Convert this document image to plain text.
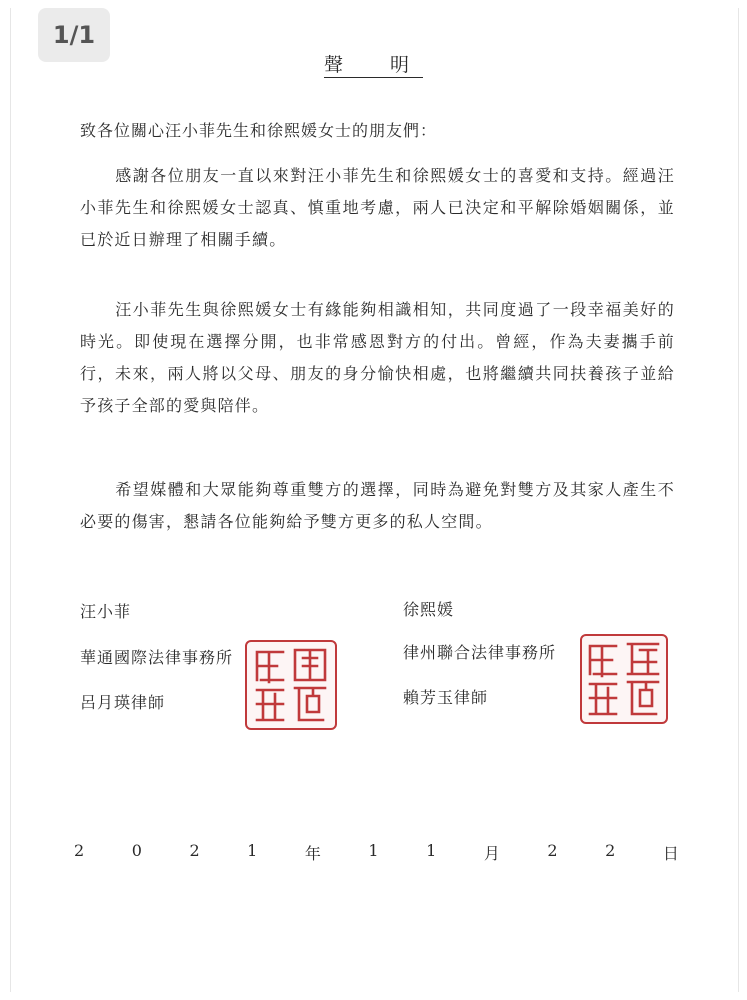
1/1
聲　明
致各位關心汪小菲先生和徐熙媛女士的朋友們：
感謝各位朋友一直以來對汪小菲先生和徐熙媛女士的喜愛和支持。經過汪小菲先生和徐熙媛女士認真、慎重地考慮，兩人已決定和平解除婚姻關係，並已於近日辦理了相關手續。
汪小菲先生與徐熙媛女士有緣能夠相識相知，共同度過了一段幸福美好的時光。即使現在選擇分開，也非常感恩對方的付出。曾經，作為夫妻攜手前行，未來，兩人將以父母、朋友的身分愉快相處，也將繼續共同扶養孩子並給予孩子全部的愛與陪伴。
希望媒體和大眾能夠尊重雙方的選擇，同時為避免對雙方及其家人產生不必要的傷害，懇請各位能夠給予雙方更多的私人空間。
汪小菲
華通國際法律事務所
呂月瑛律師
徐熙媛
律州聯合法律事務所
賴芳玉律師
2	0	2	1	年	1	1	月	2	2	日
